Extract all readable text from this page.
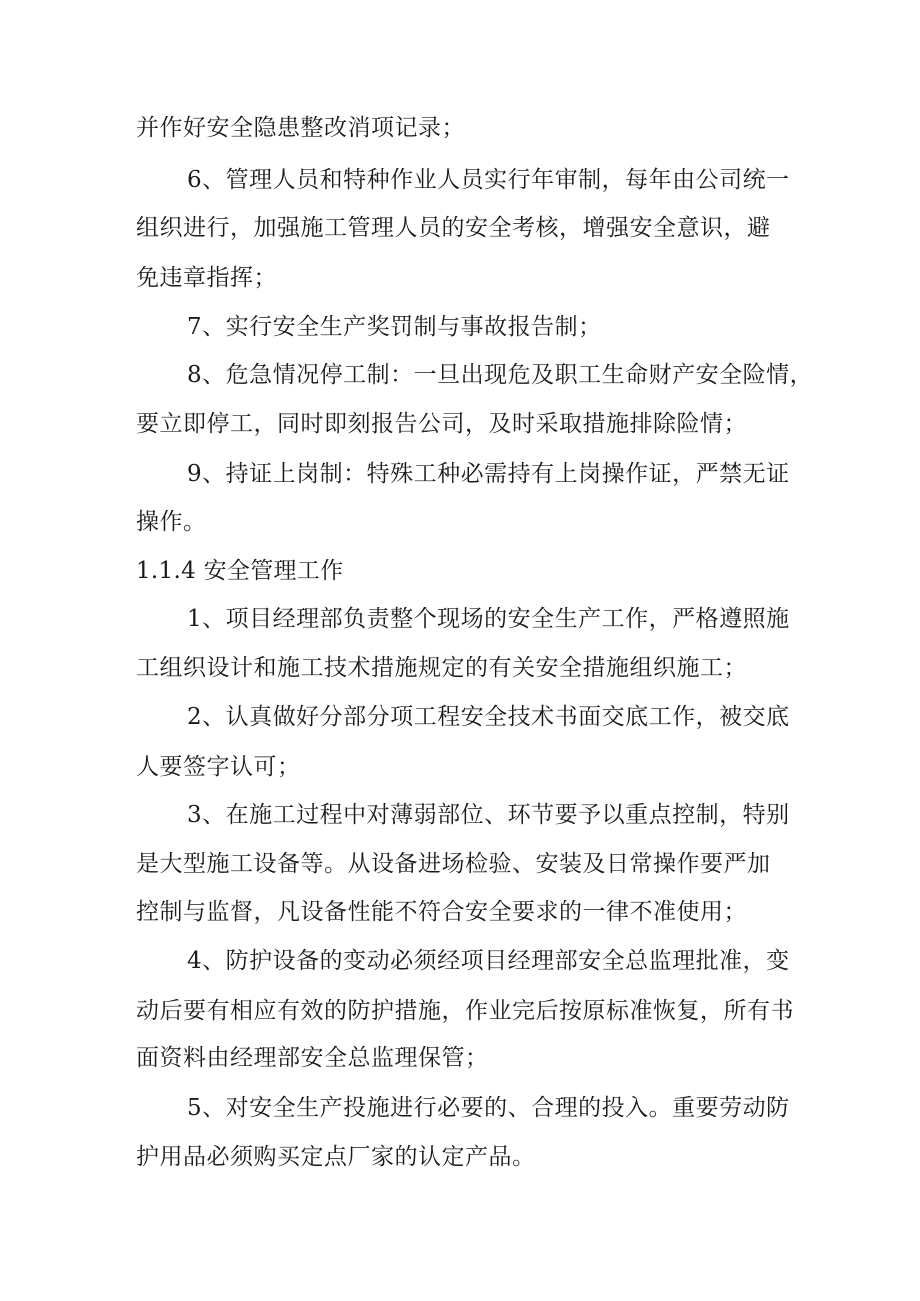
并作好安全隐患整改消项记录；
6、管理人员和特种作业人员实行年审制，每年由公司统一
组织进行，加强施工管理人员的安全考核，增强安全意识，避
免违章指挥；
7、实行安全生产奖罚制与事故报告制；
8、危急情况停工制：一旦出现危及职工生命财产安全险情，
要立即停工，同时即刻报告公司，及时采取措施排除险情；
9、持证上岗制：特殊工种必需持有上岗操作证，严禁无证
操作。
1.1.4 安全管理工作
1、项目经理部负责整个现场的安全生产工作，严格遵照施
工组织设计和施工技术措施规定的有关安全措施组织施工；
2、认真做好分部分项工程安全技术书面交底工作，被交底
人要签字认可；
3、在施工过程中对薄弱部位、环节要予以重点控制，特别
是大型施工设备等。从设备进场检验、安装及日常操作要严加
控制与监督，凡设备性能不符合安全要求的一律不准使用；
4、防护设备的变动必须经项目经理部安全总监理批准，变
动后要有相应有效的防护措施，作业完后按原标准恢复，所有书
面资料由经理部安全总监理保管；
5、对安全生产投施进行必要的、合理的投入。重要劳动防
护用品必须购买定点厂家的认定产品。
